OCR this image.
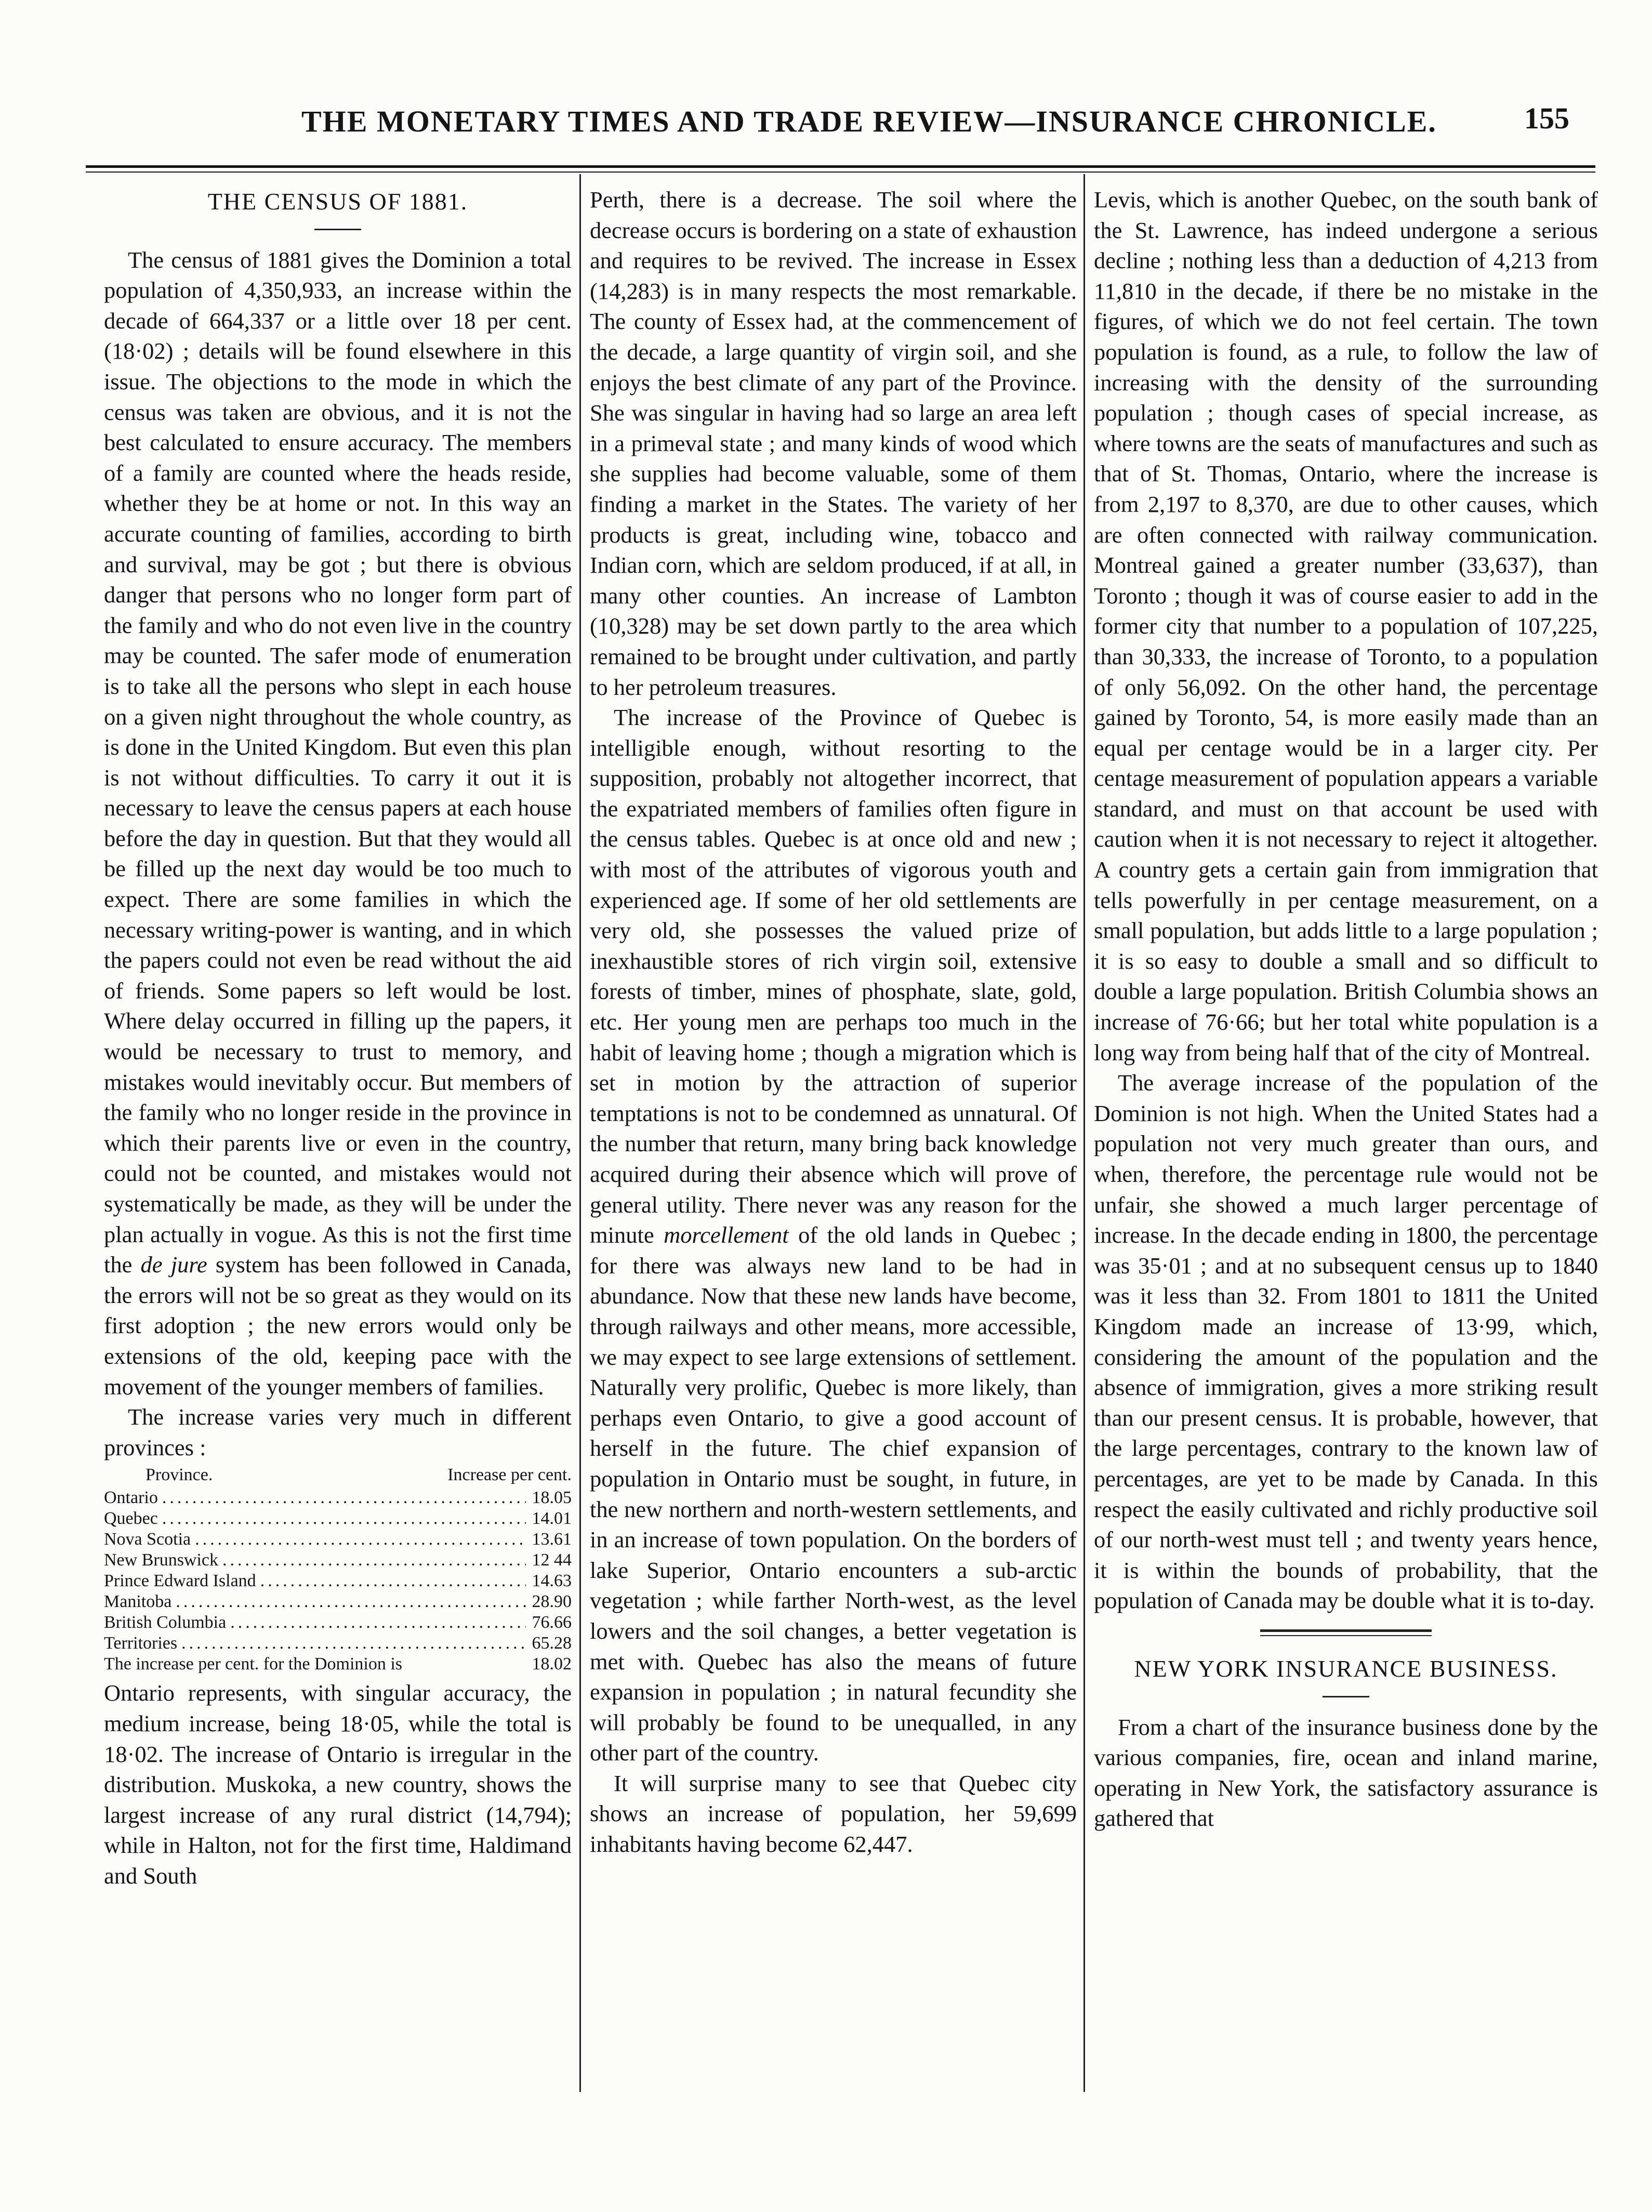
THE MONETARY TIMES AND TRADE REVIEW—INSURANCE CHRONICLE.	155
THE CENSUS OF 1881.

The census of 1881 gives the Dominion a total population of 4,350,933, an increase within the decade of 664,337 or a little over 18 per cent. (18·02) ; details will be found elsewhere in this issue. The objections to the mode in which the census was taken are obvious, and it is not the best calculated to ensure accuracy. The members of a family are counted where the heads reside, whether they be at home or not. In this way an accurate counting of families, according to birth and survival, may be got ; but there is obvious danger that persons who no longer form part of the family and who do not even live in the country may be counted. The safer mode of enumeration is to take all the persons who slept in each house on a given night throughout the whole country, as is done in the United Kingdom. But even this plan is not without difficulties. To carry it out it is necessary to leave the census papers at each house before the day in question. But that they would all be filled up the next day would be too much to expect. There are some families in which the necessary writing-power is wanting, and in which the papers could not even be read without the aid of friends. Some papers so left would be lost. Where delay occurred in filling up the papers, it would be necessary to trust to memory, and mistakes would inevitably occur. But members of the family who no longer reside in the province in which their parents live or even in the country, could not be counted, and mistakes would not systematically be made, as they will be under the plan actually in vogue. As this is not the first time the de jure system has been followed in Canada, the errors will not be so great as they would on its first adoption ; the new errors would only be extensions of the old, keeping pace with the movement of the younger members of families.

The increase varies very much in different provinces :

Province.	Increase per cent.
Ontario .....	18.05
Quebec .....	14.01
Nova Scotia .....	13.61
New Brunswick .....	12 44
Prince Edward Island .....	14.63
Manitoba .....	28.90
British Columbia .....	76.66
Territories .....	65.28
The increase per cent. for the Dominion is	18.02

Ontario represents, with singular accuracy, the medium increase, being 18·05, while the total is 18·02. The increase of Ontario is irregular in the distribution. Muskoka, a new country, shows the largest increase of any rural district (14,794); while in Halton, not for the first time, Haldimand and South

Perth, there is a decrease. The soil where the decrease occurs is bordering on a state of exhaustion and requires to be revived. The increase in Essex (14,283) is in many respects the most remarkable. The county of Essex had, at the commencement of the decade, a large quantity of virgin soil, and she enjoys the best climate of any part of the Province. She was singular in having had so large an area left in a primeval state ; and many kinds of wood which she supplies had become valuable, some of them finding a market in the States. The variety of her products is great, including wine, tobacco and Indian corn, which are seldom produced, if at all, in many other counties. An increase of Lambton (10,328) may be set down partly to the area which remained to be brought under cultivation, and partly to her petroleum treasures.

The increase of the Province of Quebec is intelligible enough, without resorting to the supposition, probably not altogether incorrect, that the expatriated members of families often figure in the census tables. Quebec is at once old and new ; with most of the attributes of vigorous youth and experienced age. If some of her old settlements are very old, she possesses the valued prize of inexhaustible stores of rich virgin soil, extensive forests of timber, mines of phosphate, slate, gold, etc. Her young men are perhaps too much in the habit of leaving home ; though a migration which is set in motion by the attraction of superior temptations is not to be condemned as unnatural. Of the number that return, many bring back knowledge acquired during their absence which will prove of general utility. There never was any reason for the minute morcellement of the old lands in Quebec ; for there was always new land to be had in abundance. Now that these new lands have become, through railways and other means, more accessible, we may expect to see large extensions of settlement. Naturally very prolific, Quebec is more likely, than perhaps even Ontario, to give a good account of herself in the future. The chief expansion of population in Ontario must be sought, in future, in the new northern and north-western settlements, and in an increase of town population. On the borders of lake Superior, Ontario encounters a sub-arctic vegetation ; while farther North-west, as the level lowers and the soil changes, a better vegetation is met with. Quebec has also the means of future expansion in population ; in natural fecundity she will probably be found to be unequalled, in any other part of the country.

It will surprise many to see that Quebec city shows an increase of population, her 59,699 inhabitants having become 62,447.

Levis, which is another Quebec, on the south bank of the St. Lawrence, has indeed undergone a serious decline ; nothing less than a deduction of 4,213 from 11,810 in the decade, if there be no mistake in the figures, of which we do not feel certain. The town population is found, as a rule, to follow the law of increasing with the density of the surrounding population ; though cases of special increase, as where towns are the seats of manufactures and such as that of St. Thomas, Ontario, where the increase is from 2,197 to 8,370, are due to other causes, which are often connected with railway communication. Montreal gained a greater number (33,637), than Toronto ; though it was of course easier to add in the former city that number to a population of 107,225, than 30,333, the increase of Toronto, to a population of only 56,092. On the other hand, the percentage gained by Toronto, 54, is more easily made than an equal per centage would be in a larger city. Per centage measurement of population appears a variable standard, and must on that account be used with caution when it is not necessary to reject it altogether. A country gets a certain gain from immigration that tells powerfully in per centage measurement, on a small population, but adds little to a large population ; it is so easy to double a small and so difficult to double a large population. British Columbia shows an increase of 76·66; but her total white population is a long way from being half that of the city of Montreal.

The average increase of the population of the Dominion is not high. When the United States had a population not very much greater than ours, and when, therefore, the percentage rule would not be unfair, she showed a much larger percentage of increase. In the decade ending in 1800, the percentage was 35·01 ; and at no subsequent census up to 1840 was it less than 32. From 1801 to 1811 the United Kingdom made an increase of 13·99, which, considering the amount of the population and the absence of immigration, gives a more striking result than our present census. It is probable, however, that the large percentages, contrary to the known law of percentages, are yet to be made by Canada. In this respect the easily cultivated and richly productive soil of our north-west must tell ; and twenty years hence, it is within the bounds of probability, that the population of Canada may be double what it is to-day.

NEW YORK INSURANCE BUSINESS.

From a chart of the insurance business done by the various companies, fire, ocean and inland marine, operating in New York, the satisfactory assurance is gathered that
